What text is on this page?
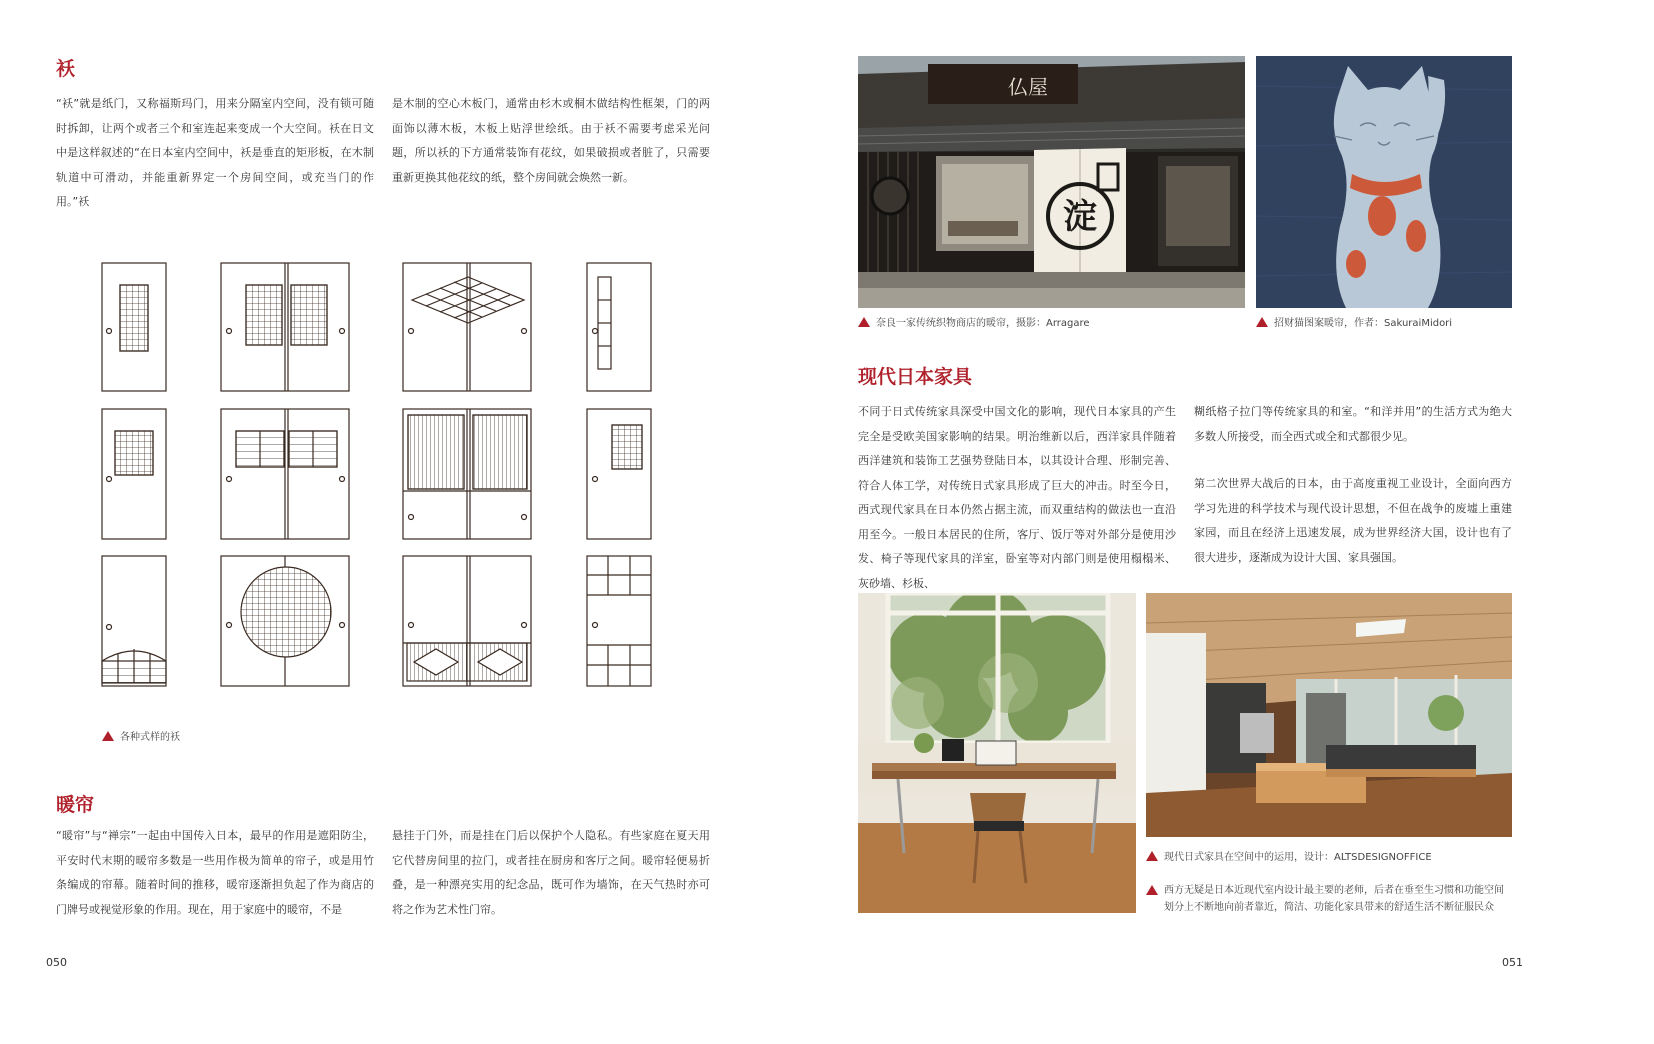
袄
“袄”就是纸门，又称福斯玛门，用来分隔室内空间，没有锁可随时拆卸，让两个或者三个和室连起来变成一个大空间。袄在日文中是这样叙述的“在日本室内空间中，袄是垂直的矩形板，在木制轨道中可滑动，并能重新界定一个房间空间，或充当门的作用。”袄
是木制的空心木板门，通常由杉木或桐木做结构性框架，门的两面饰以薄木板，木板上贴浮世绘纸。由于袄不需要考虑采光问题，所以袄的下方通常装饰有花纹，如果破损或者脏了，只需要重新更换其他花纹的纸，整个房间就会焕然一新。
各种式样的袄
暖帘
“暖帘”与“禅宗”一起由中国传入日本，最早的作用是遮阳防尘，平安时代末期的暖帘多数是一些用作极为简单的帘子，或是用竹条编成的帘幕。随着时间的推移，暖帘逐渐担负起了作为商店的门牌号或视觉形象的作用。现在，用于家庭中的暖帘，不是
悬挂于门外，而是挂在门后以保护个人隐私。有些家庭在夏天用它代替房间里的拉门，或者挂在厨房和客厅之间。暖帘轻便易折叠，是一种漂亮实用的纪念品，既可作为墙饰，在天气热时亦可将之作为艺术性门帘。
050
淀
仏屋
奈良一家传统织物商店的暖帘，摄影：Arragare	招财猫图案暖帘，作者：SakuraiMidori
现代日本家具
不同于日式传统家具深受中国文化的影响，现代日本家具的产生完全是受欧美国家影响的结果。明治维新以后，西洋家具伴随着西洋建筑和装饰工艺强势登陆日本，以其设计合理、形制完善、符合人体工学，对传统日式家具形成了巨大的冲击。时至今日，西式现代家具在日本仍然占据主流，而双重结构的做法也一直沿用至今。一般日本居民的住所，客厅、饭厅等对外部分是使用沙发、椅子等现代家具的洋室，卧室等对内部门则是使用榻榻米、灰砂墙、杉板、
糊纸格子拉门等传统家具的和室。“和洋并用”的生活方式为绝大多数人所接受，而全西式或全和式都很少见。
第二次世界大战后的日本，由于高度重视工业设计，全面向西方学习先进的科学技术与现代设计思想，不但在战争的废墟上重建家园，而且在经济上迅速发展，成为世界经济大国，设计也有了很大进步，逐渐成为设计大国、家具强国。
现代日式家具在空间中的运用，设计：ALTSDESIGNOFFICE
西方无疑是日本近现代室内设计最主要的老师，后者在垂至生习惯和功能空间划分上不断地向前者靠近，简洁、功能化家具带来的舒适生活不断征服民众
051
